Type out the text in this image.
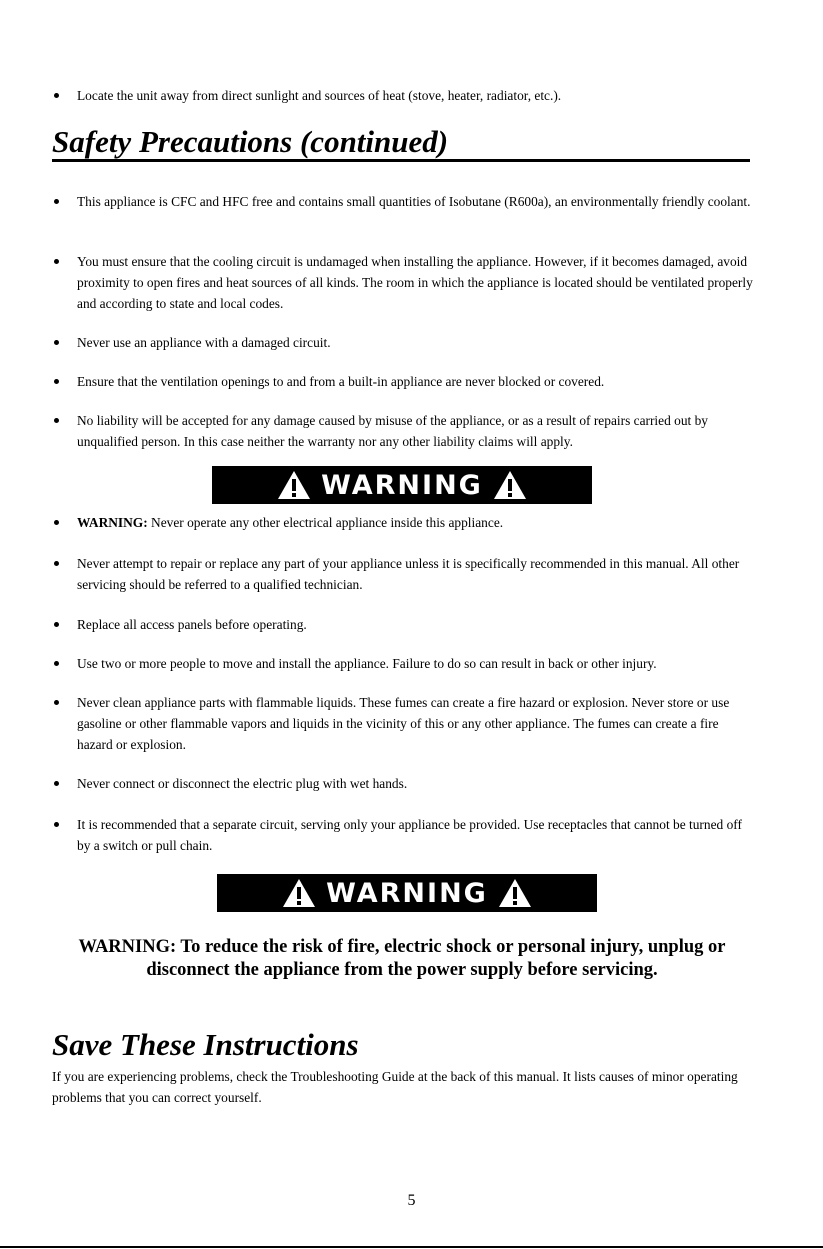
Locate the unit away from direct sunlight and sources of heat (stove, heater, radiator, etc.).
Safety Precautions (continued)
This appliance is CFC and HFC free and contains small quantities of Isobutane (R600a), an environmentally friendly coolant.
You must ensure that the cooling circuit is undamaged when installing the appliance. However, if it becomes damaged, avoid proximity to open fires and heat sources of all kinds. The room in which the appliance is located should be ventilated properly and according to state and local codes.
Never use an appliance with a damaged circuit.
Ensure that the ventilation openings to and from a built-in appliance are never blocked or covered.
No liability will be accepted for any damage caused by misuse of the appliance, or as a result of repairs carried out by unqualified person. In this case neither the warranty nor any other liability claims will apply.
WARNING
WARNING: Never operate any other electrical appliance inside this appliance.
Never attempt to repair or replace any part of your appliance unless it is specifically recommended in this manual. All other servicing should be referred to a qualified technician.
Replace all access panels before operating.
Use two or more people to move and install the appliance. Failure to do so can result in back or other injury.
Never clean appliance parts with flammable liquids. These fumes can create a fire hazard or explosion. Never store or use gasoline or other flammable vapors and liquids in the vicinity of this or any other appliance. The fumes can create a fire hazard or explosion.
Never connect or disconnect the electric plug with wet hands.
It is recommended that a separate circuit, serving only your appliance be provided. Use receptacles that cannot be turned off by a switch or pull chain.
WARNING
WARNING: To reduce the risk of fire, electric shock or personal injury, unplug or disconnect the appliance from the power supply before servicing.
Save These Instructions
If you are experiencing problems, check the Troubleshooting Guide at the back of this manual. It lists causes of minor operating problems that you can correct yourself.
5
